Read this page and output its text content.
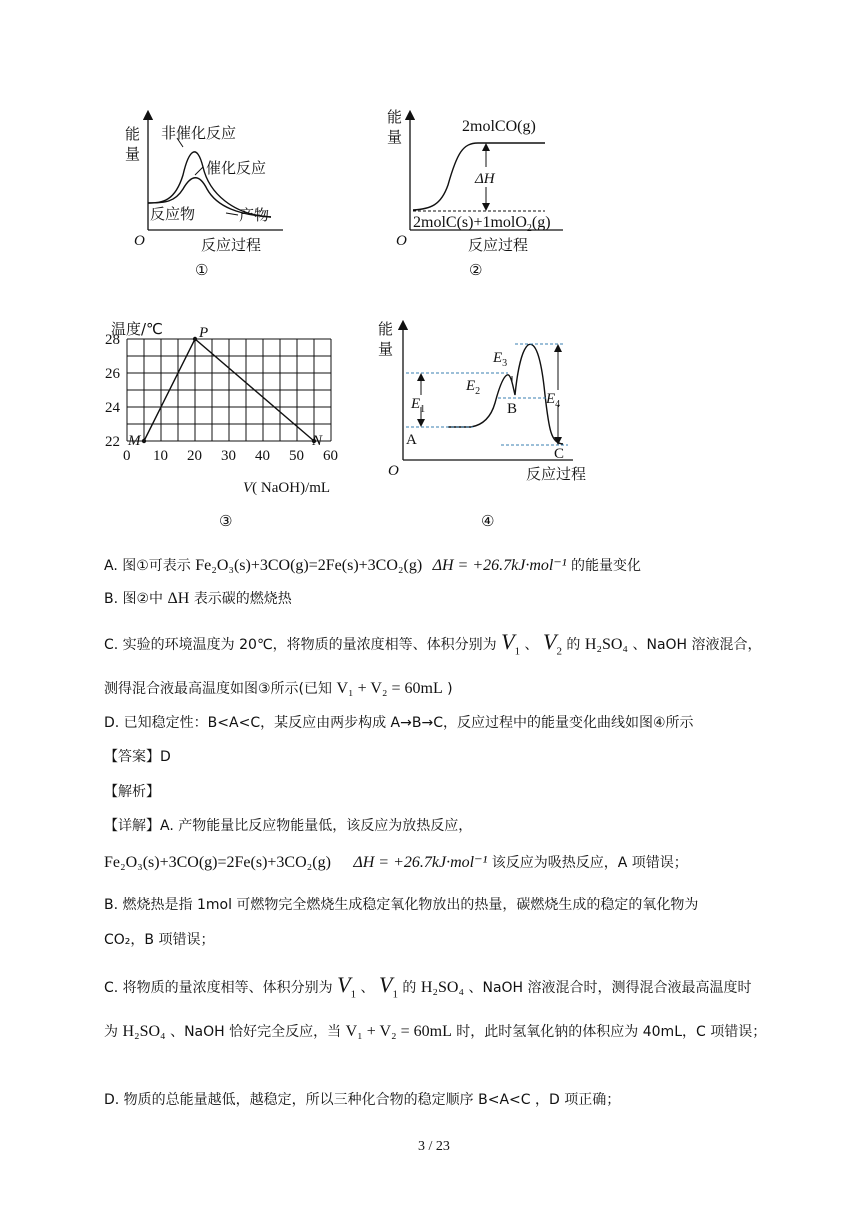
能
量
非催化反应
催化反应
反应物	产物
O	反应过程
①
能
量
2molCO(g)
ΔH
2molC(s)+1molO$_2$(g)
O	反应过程
②
温度/℃
0 10 20 30 40 50 60
28
26
24
22 M
P
N
V( NaOH)/mL
③
能
量
$E_1$
$E_2$
$E_3$
$E_4$
A
B
C
O	反应过程
④
A. 图①可表示 Fe₂O₃(s)+3CO(g)=2Fe(s)+3CO₂(g) ΔH = +26.7kJ·mol⁻¹ 的能量变化
B. 图②中 ΔH 表示碳的燃烧热
C. 实验的环境温度为 20℃，将物质的量浓度相等、体积分别为 $V_1$ 、 $V_2$ 的 H₂SO₄ 、NaOH 溶液混合，
测得混合液最高温度如图③所示(已知 V₁ + V₂ = 60mL )
D. 已知稳定性：B<A<C，某反应由两步构成 A→B→C，反应过程中的能量变化曲线如图④所示
【答案】D
【解析】
【详解】A. 产物能量比反应物能量低，该反应为放热反应，
Fe₂O₃(s)+3CO(g)=2Fe(s)+3CO₂(g) ΔH = +26.7kJ·mol⁻¹ 该反应为吸热反应，A 项错误；
B. 燃烧热是指 1mol 可燃物完全燃烧生成稳定氧化物放出的热量，碳燃烧生成的稳定的氧化物为
CO₂，B 项错误；
C. 将物质的量浓度相等、体积分别为 $V_1$ 、 $V_1$ 的 H₂SO₄ 、NaOH 溶液混合时，测得混合液最高温度时
为 H₂SO₄ 、NaOH 恰好完全反应，当 V₁ + V₂ = 60mL 时，此时氢氧化钠的体积应为 40mL，C 项错误；
D. 物质的总能量越低，越稳定，所以三种化合物的稳定顺序 B<A<C ，D 项正确；
3 / 23
